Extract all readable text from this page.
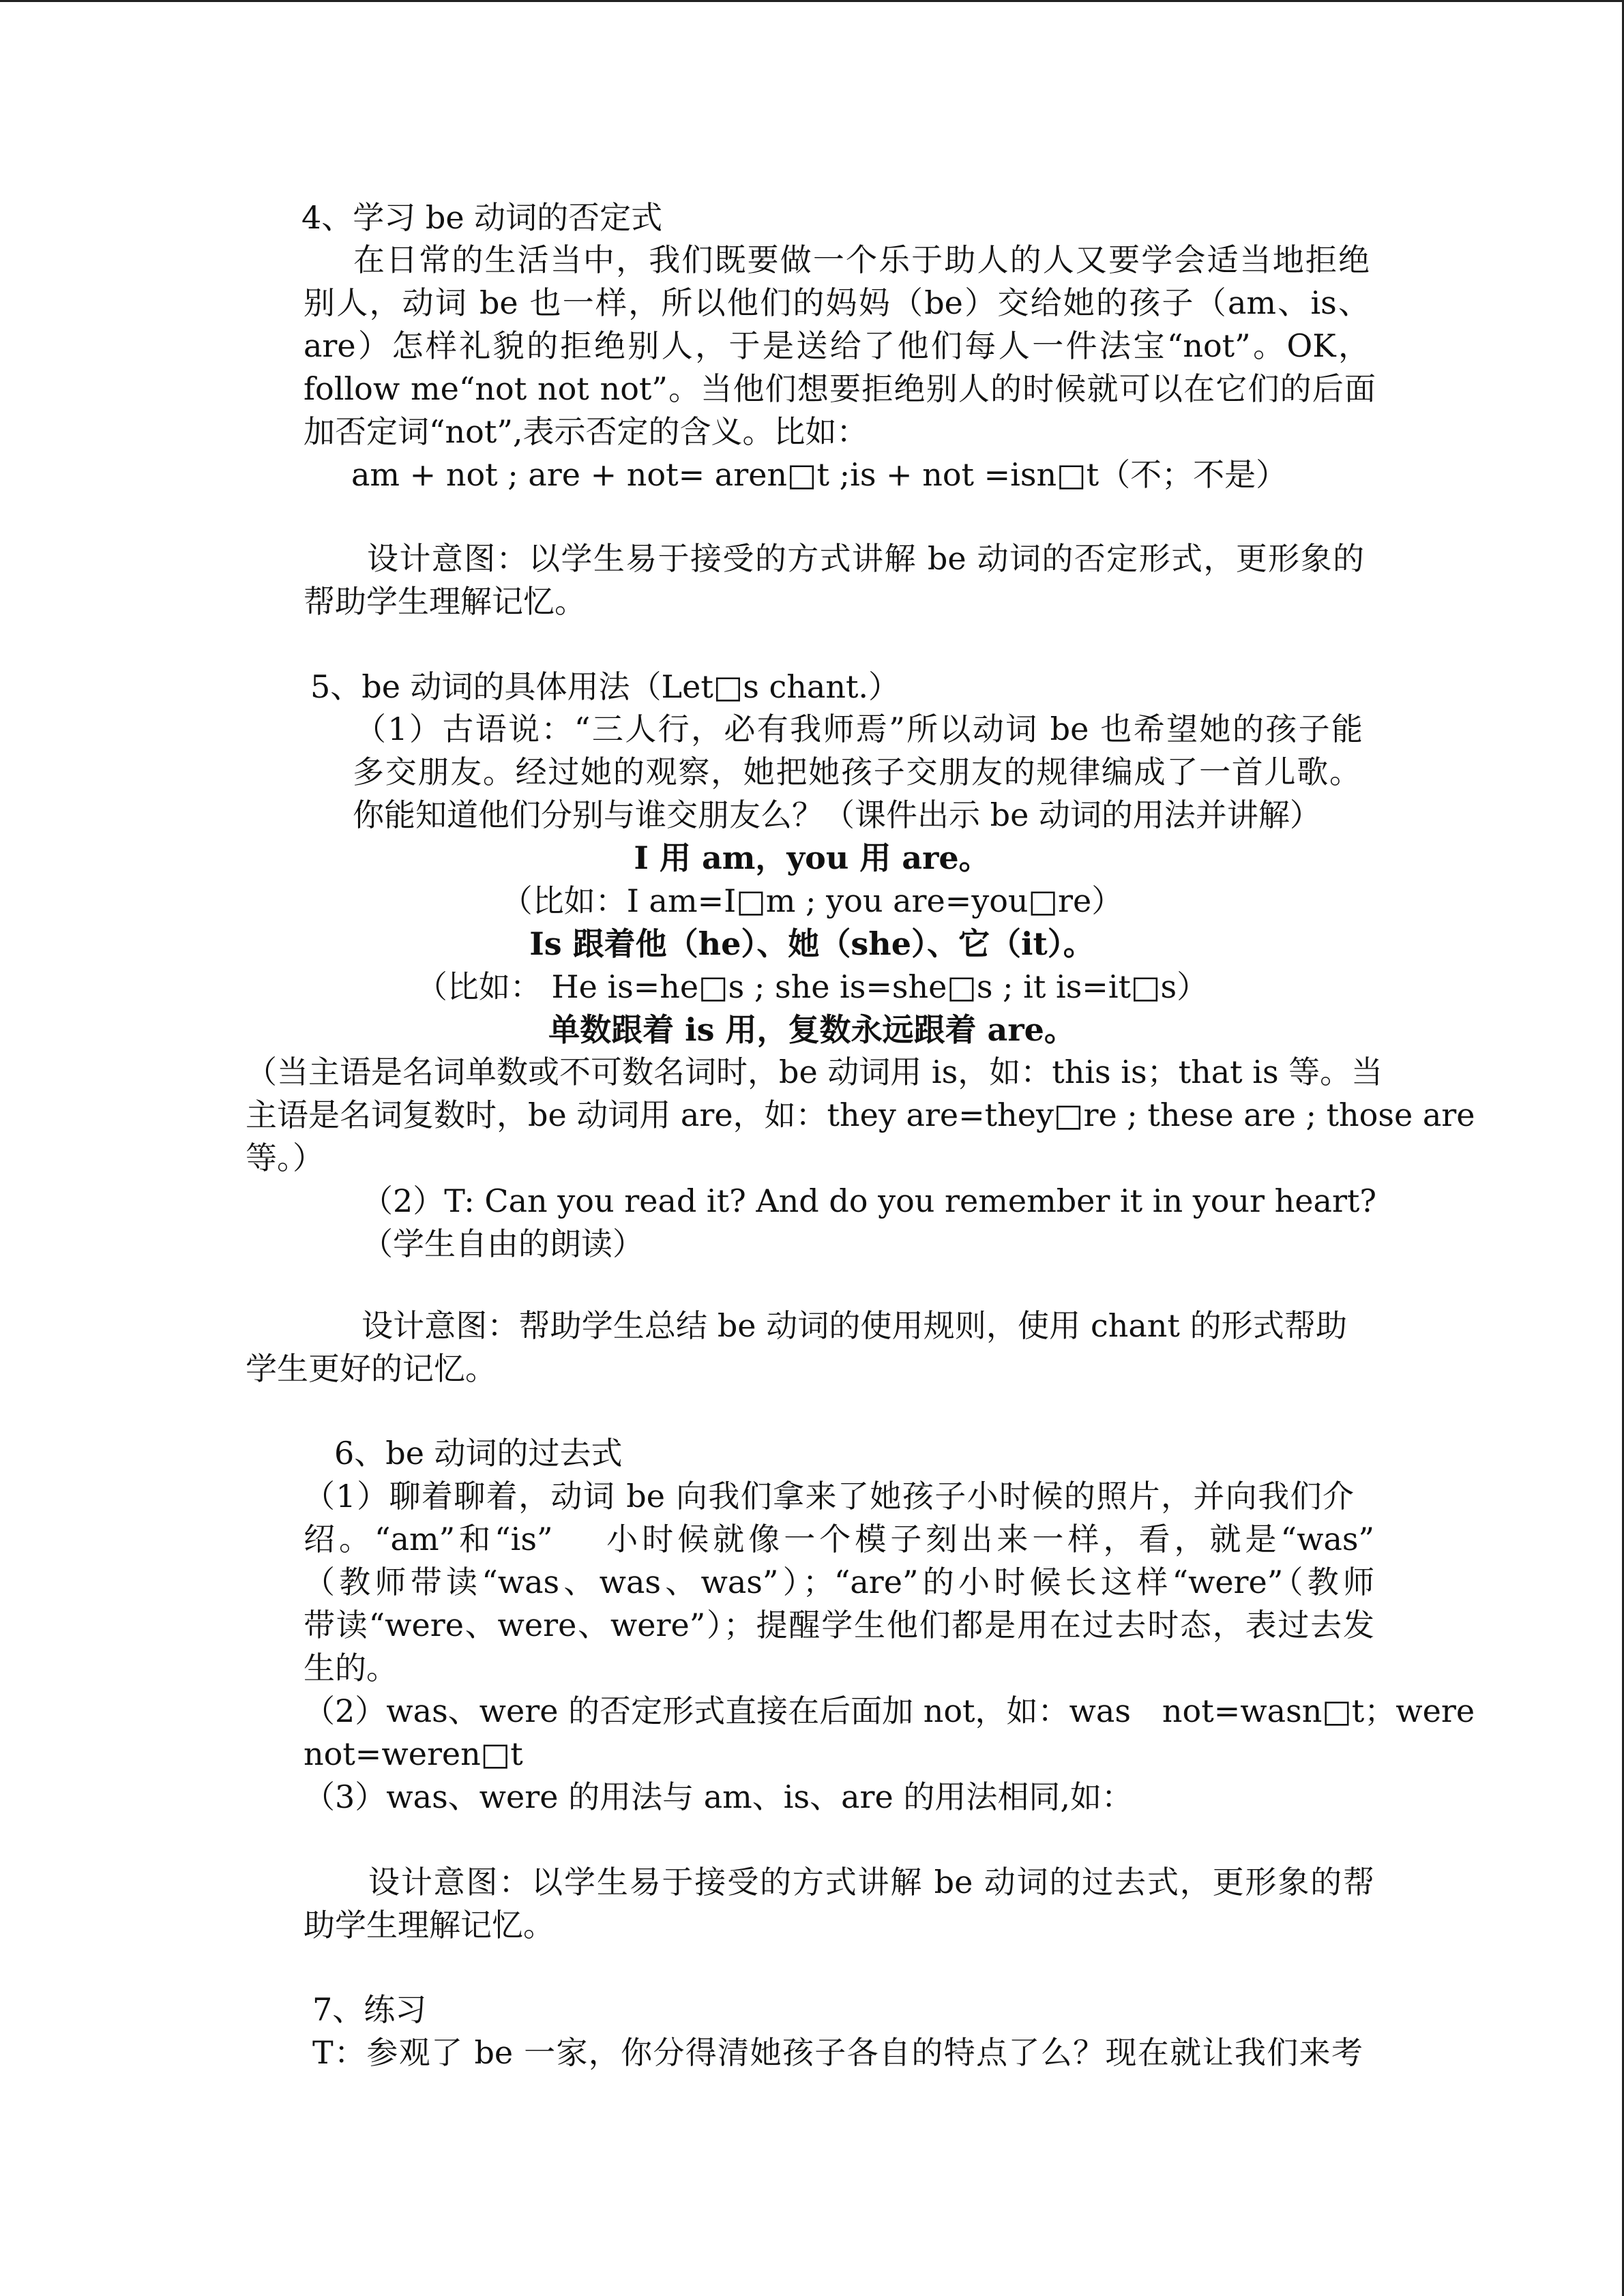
4、学习 be 动词的否定式
在日常的生活当中，我们既要做一个乐于助人的人又要学会适当地拒绝
别人，动词 be 也一样，所以他们的妈妈（be）交给她的孩子（am、is、
are）怎样礼貌的拒绝别人，于是送给了他们每人一件法宝“not”。OK，
follow me“not not not”。当他们想要拒绝别人的时候就可以在它们的后面
加否定词“not”,表示否定的含义。比如：
am + not ; are + not= aren□t ;is + not =isn□t（不；不是）
设计意图：以学生易于接受的方式讲解 be 动词的否定形式，更形象的
帮助学生理解记忆。
5、be 动词的具体用法（Let□s chant.）
（1）古语说：“三人行，必有我师焉”所以动词 be 也希望她的孩子能
多交朋友。经过她的观察，她把她孩子交朋友的规律编成了一首儿歌。
你能知道他们分别与谁交朋友么？（课件出示 be 动词的用法并讲解）
I 用 am，you 用 are。
（比如：I am=I□m ; you are=you□re）
Is 跟着他（he）、她（she）、它（it）。
（比如： He is=he□s ; she is=she□s ; it is=it□s）
单数跟着 is 用，复数永远跟着 are。
（当主语是名词单数或不可数名词时，be 动词用 is，如：this is；that is 等。当
主语是名词复数时，be 动词用 are，如：they are=they□re ; these are ; those are
等。）
（2）T: Can you read it? And do you remember it in your heart?
（学生自由的朗读）
设计意图：帮助学生总结 be 动词的使用规则，使用 chant 的形式帮助
学生更好的记忆。
6、be 动词的过去式
（1）聊着聊着，动词 be 向我们拿来了她孩子小时候的照片，并向我们介
绍。“am”和“is”　 小时候就像一个模子刻出来一样，看，就是“was”
（教师带读“was、was、was”）；“are”的小时候长这样“were”（教师
带读“were、were、were”）；提醒学生他们都是用在过去时态，表过去发
生的。
（2）was、were 的否定形式直接在后面加 not，如：was　not=wasn□t；were
not=weren□t
（3）was、were 的用法与 am、is、are 的用法相同,如：
设计意图：以学生易于接受的方式讲解 be 动词的过去式，更形象的帮
助学生理解记忆。
7、练习
T：参观了 be 一家，你分得清她孩子各自的特点了么？现在就让我们来考
